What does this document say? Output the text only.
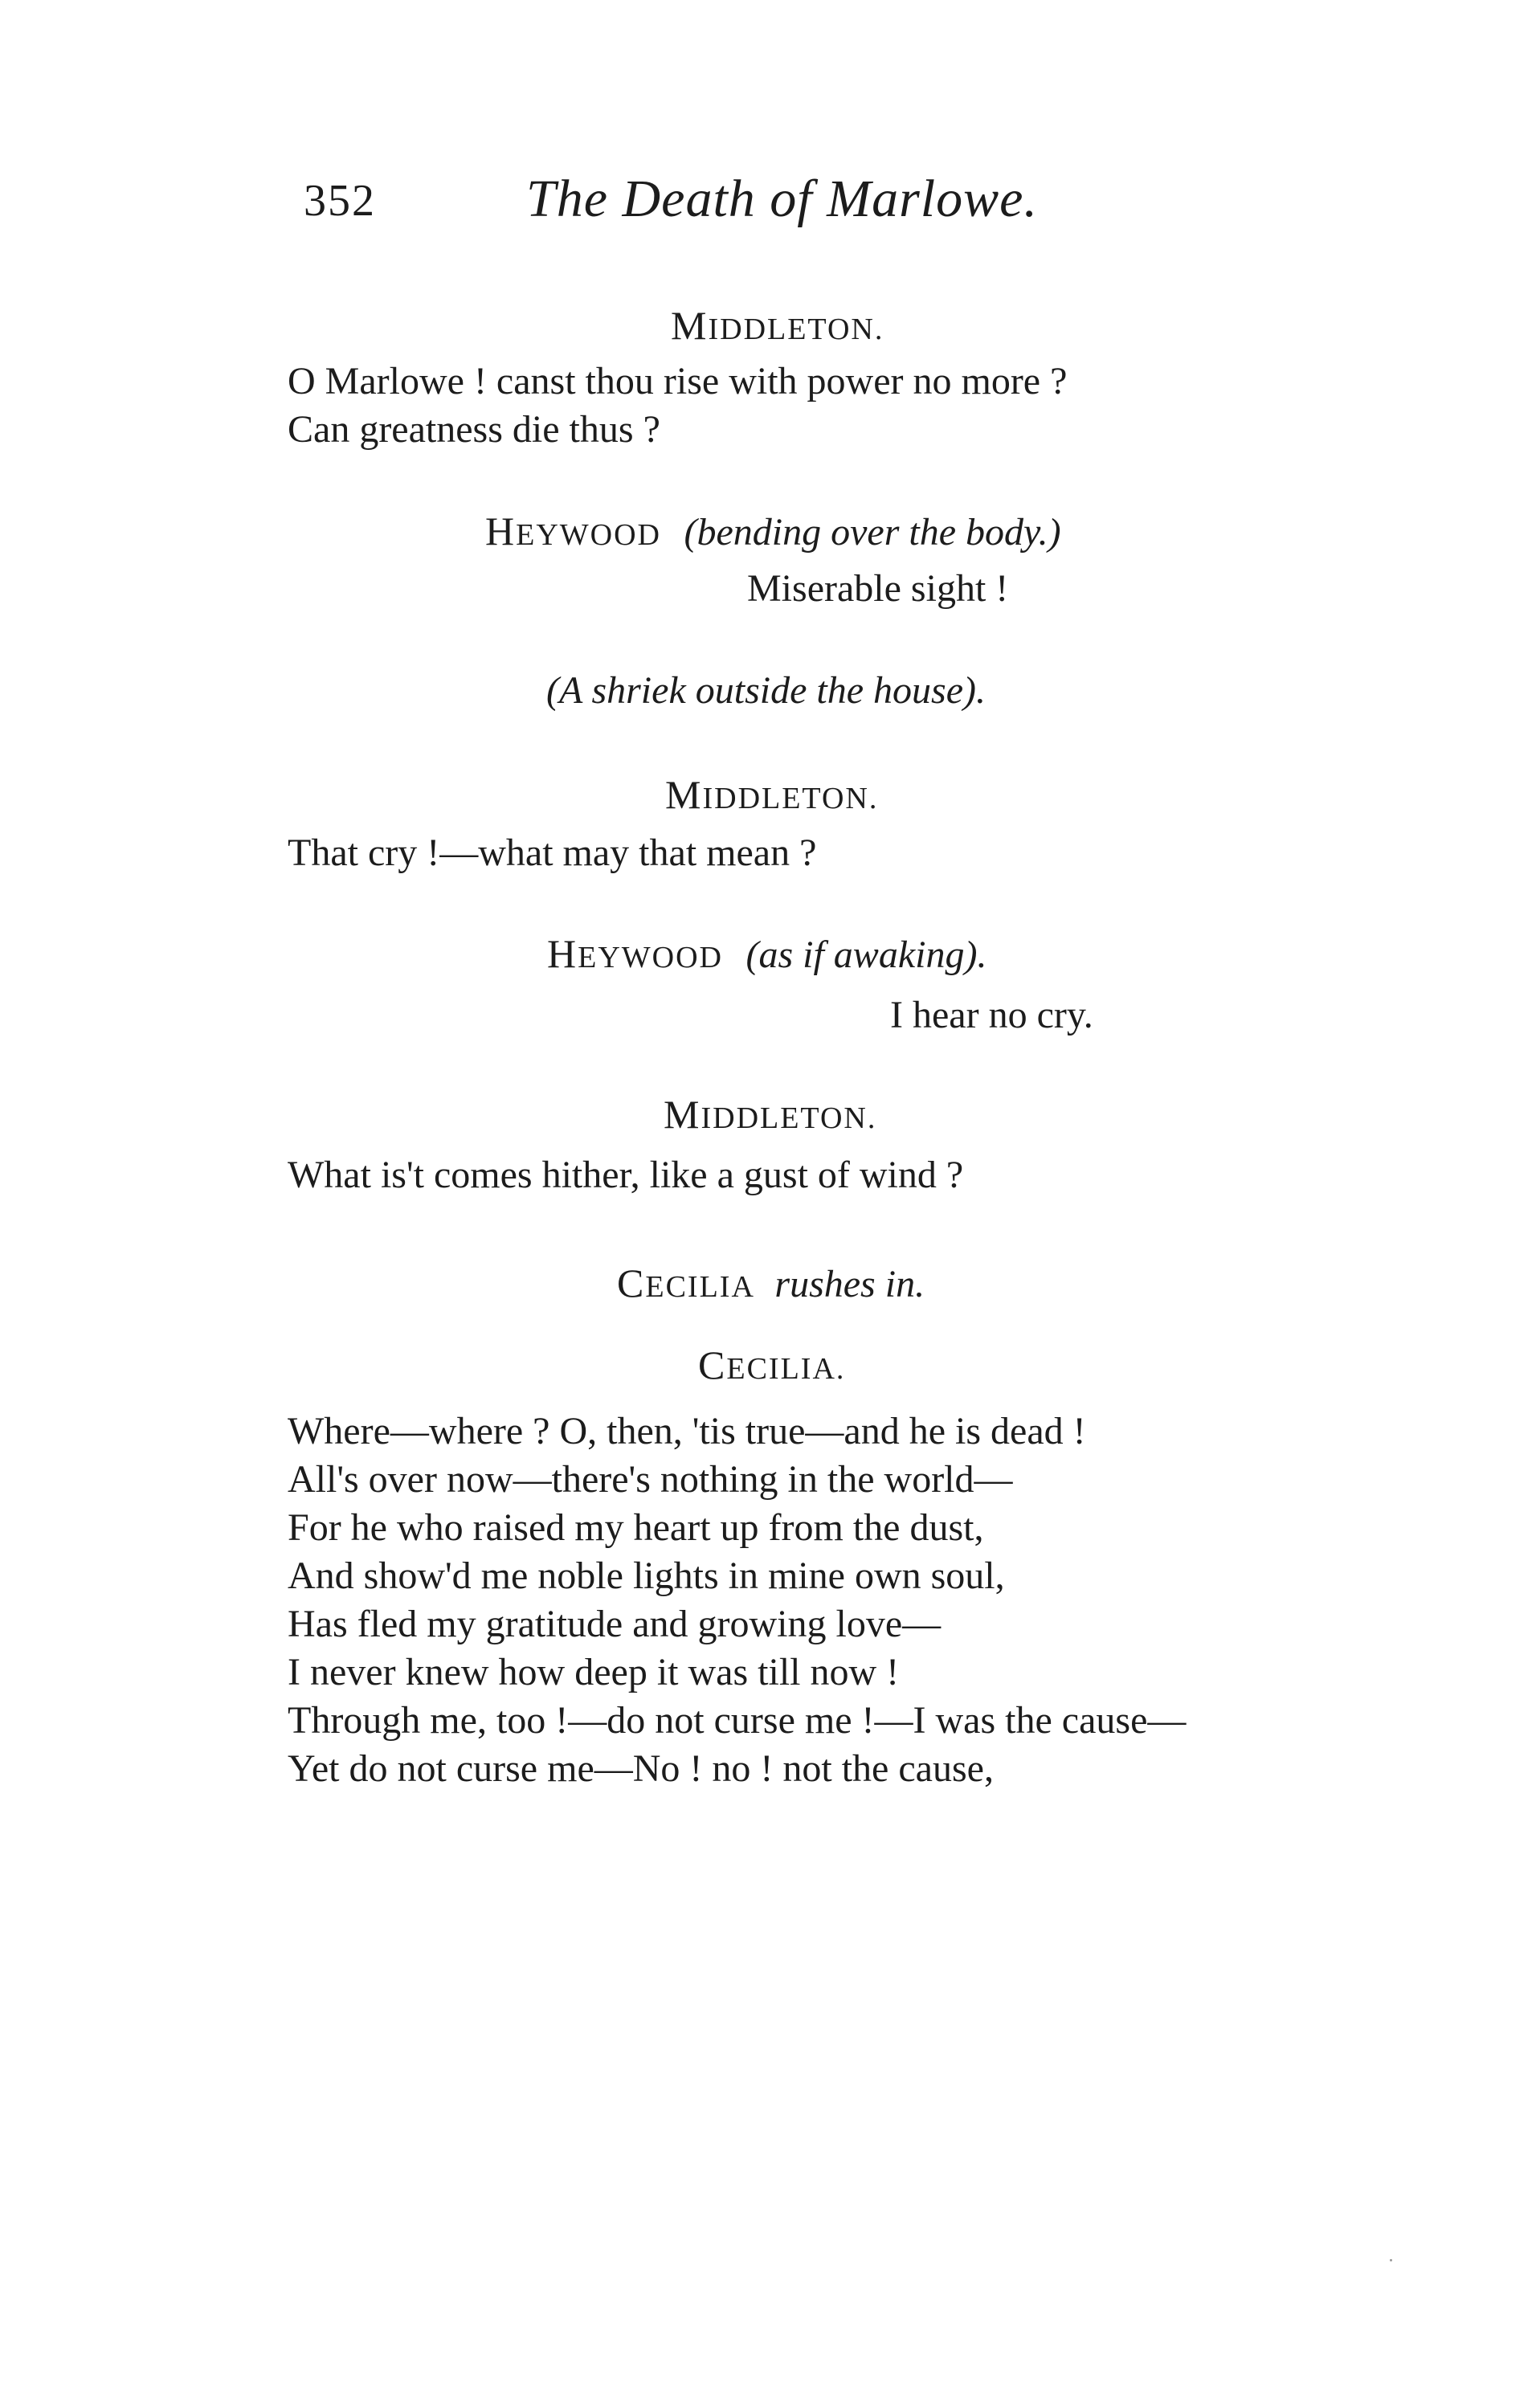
352	The Death of Marlowe.

MIDDLETON.

O Marlowe ! canst thou rise with power no more ?
Can greatness die thus ?

HEYWOOD (bending over the body.)

Miserable sight !

(A shriek outside the house).

MIDDLETON.

That cry !—what may that mean ?

HEYWOOD (as if awaking).

I hear no cry.

MIDDLETON.

What is't comes hither, like a gust of wind ?

CECILIA rushes in.

CECILIA.

Where—where ? O, then, 'tis true—and he is dead !
All's over now—there's nothing in the world—
For he who raised my heart up from the dust,
And show'd me noble lights in mine own soul,
Has fled my gratitude and growing love—
I never knew how deep it was till now !
Through me, too !—do not curse me !—I was the cause—
Yet do not curse me—No ! no ! not the cause,
